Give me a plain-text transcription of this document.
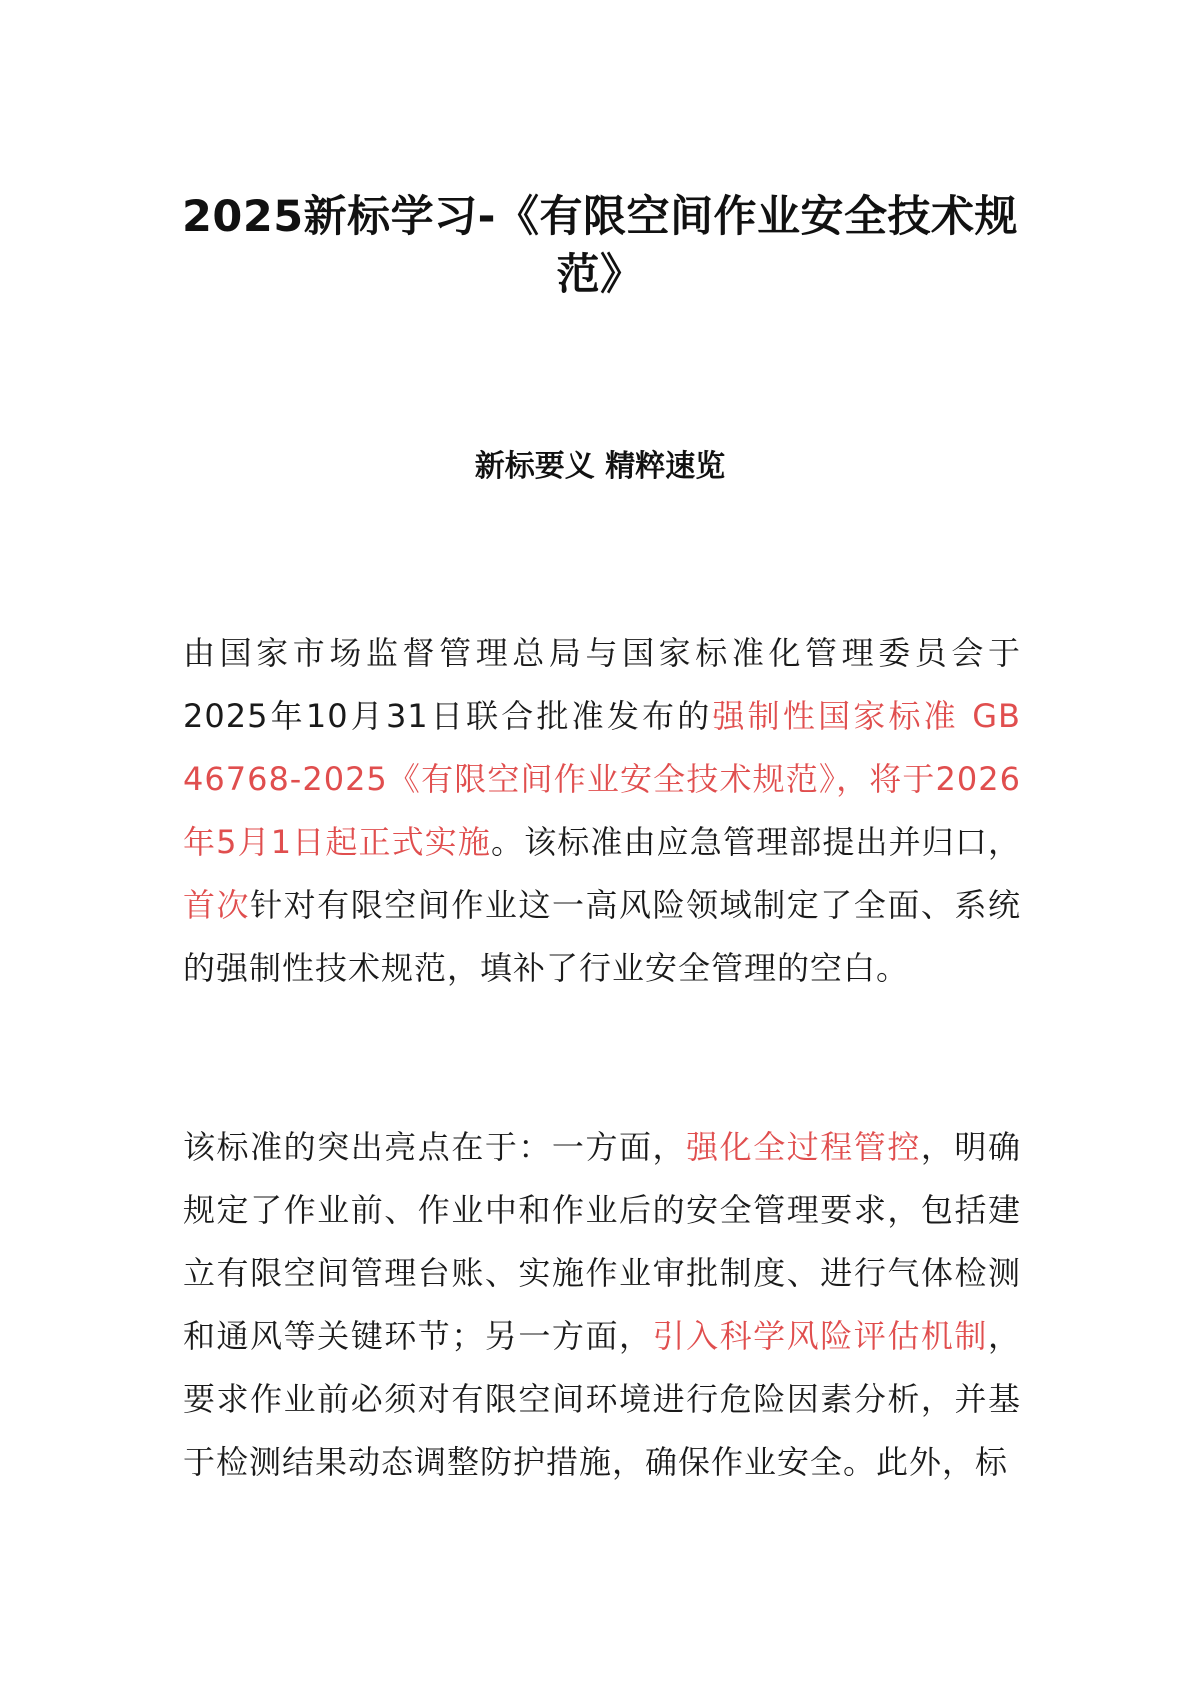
2025新标学习-《有限空间作业安全技术规范》
新标要义 精粹速览

由国家市场监督管理总局与国家标准化管理委员会于2025年10月31日联合批准发布的强制性国家标准 GB 46768-2025《有限空间作业安全技术规范》，将于2026年5月1日起正式实施。该标准由应急管理部提出并归口，首次针对有限空间作业这一高风险领域制定了全面、系统的强制性技术规范，填补了行业安全管理的空白。

该标准的突出亮点在于：一方面，强化全过程管控，明确规定了作业前、作业中和作业后的安全管理要求，包括建立有限空间管理台账、实施作业审批制度、进行气体检测和通风等关键环节；另一方面，引入科学风险评估机制，要求作业前必须对有限空间环境进行危险因素分析，并基于检测结果动态调整防护措施，确保作业安全。此外，标
